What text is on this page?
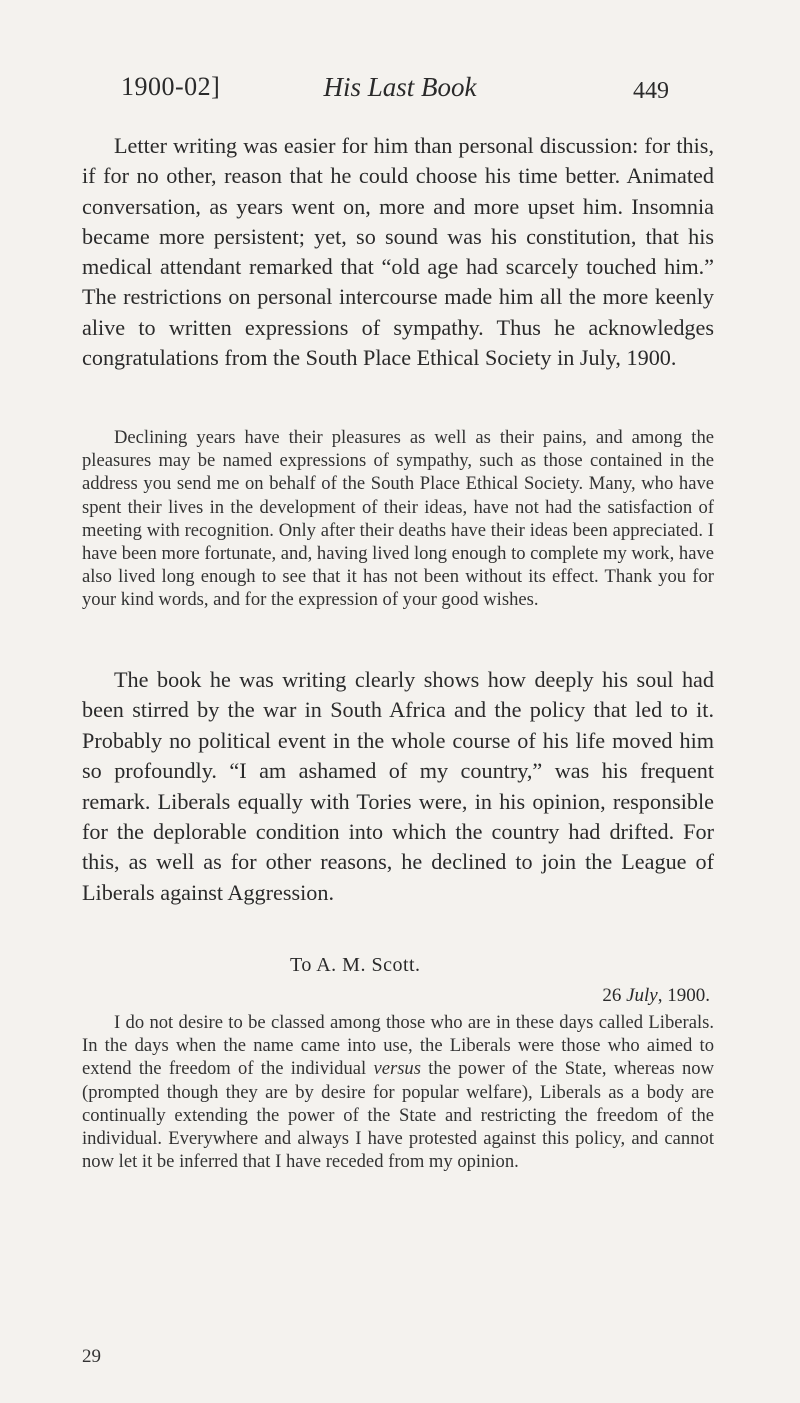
1900-02]	His Last Book	449

Letter writing was easier for him than personal discussion: for this, if for no other, reason that he could choose his time better. Animated conversation, as years went on, more and more upset him. Insomnia became more persistent; yet, so sound was his constitution, that his medical attendant remarked that “old age had scarcely touched him.” The restrictions on personal intercourse made him all the more keenly alive to written expressions of sympathy. Thus he acknowledges congratulations from the South Place Ethical Society in July, 1900.

Declining years have their pleasures as well as their pains, and among the pleasures may be named expressions of sympathy, such as those contained in the address you send me on behalf of the South Place Ethical Society. Many, who have spent their lives in the development of their ideas, have not had the satisfaction of meeting with recognition. Only after their deaths have their ideas been appreciated. I have been more fortunate, and, having lived long enough to complete my work, have also lived long enough to see that it has not been without its effect. Thank you for your kind words, and for the expression of your good wishes.

The book he was writing clearly shows how deeply his soul had been stirred by the war in South Africa and the policy that led to it. Probably no political event in the whole course of his life moved him so profoundly. “I am ashamed of my country,” was his frequent remark. Liberals equally with Tories were, in his opinion, responsible for the deplorable condition into which the country had drifted. For this, as well as for other reasons, he declined to join the League of Liberals against Aggression.

To A. M. Scott.
26 July, 1900.

I do not desire to be classed among those who are in these days called Liberals. In the days when the name came into use, the Liberals were those who aimed to extend the freedom of the individual versus the power of the State, whereas now (prompted though they are by desire for popular welfare), Liberals as a body are continually extending the power of the State and restricting the freedom of the individual. Everywhere and always I have protested against this policy, and cannot now let it be inferred that I have receded from my opinion.

29
